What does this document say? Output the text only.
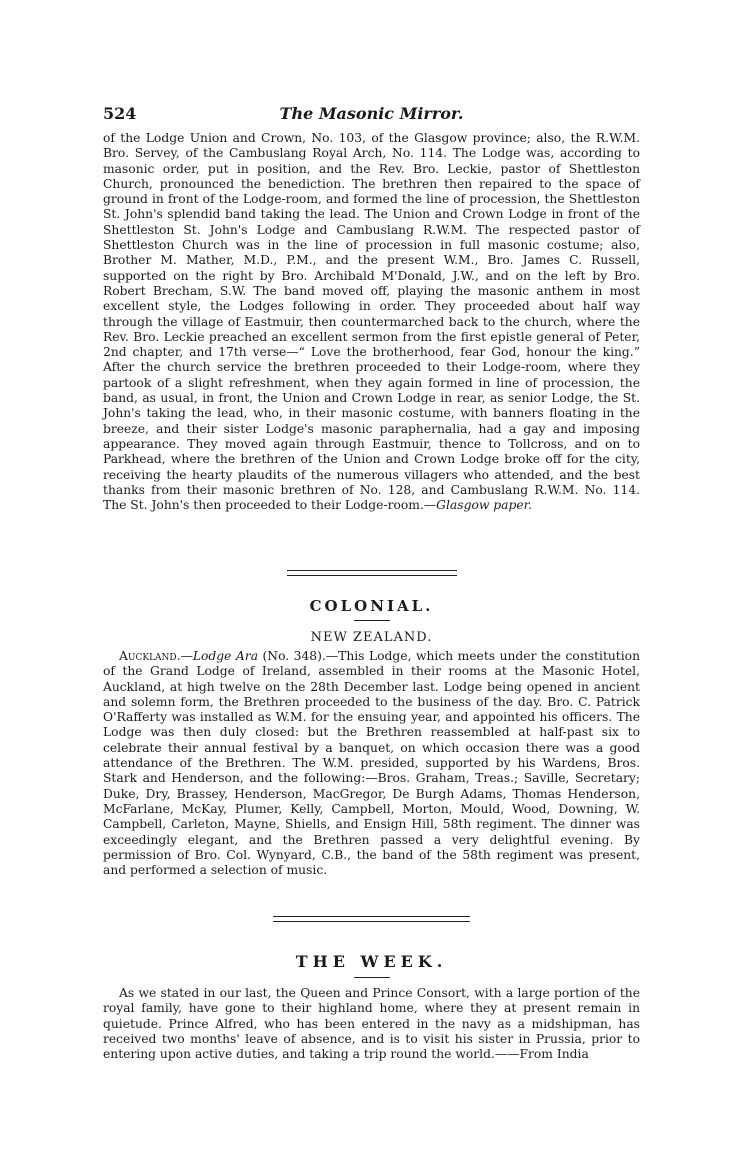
524	The Masonic Mirror.

of the Lodge Union and Crown, No. 103, of the Glasgow province; also, the R.W.M. Bro. Servey, of the Cambuslang Royal Arch, No. 114. The Lodge was, according to masonic order, put in position, and the Rev. Bro. Leckie, pastor of Shettleston Church, pronounced the benediction. The brethren then repaired to the space of ground in front of the Lodge-room, and formed the line of procession, the Shettleston St. John's splendid band taking the lead. The Union and Crown Lodge in front of the Shettleston St. John's Lodge and Cambuslang R.W.M. The respected pastor of Shettleston Church was in the line of procession in full masonic costume; also, Brother M. Mather, M.D., P.M., and the present W.M., Bro. James C. Russell, supported on the right by Bro. Archibald M'Donald, J.W., and on the left by Bro. Robert Brecham, S.W. The band moved off, playing the masonic anthem in most excellent style, the Lodges following in order. They proceeded about half way through the village of Eastmuir, then countermarched back to the church, where the Rev. Bro. Leckie preached an excellent sermon from the first epistle general of Peter, 2nd chapter, and 17th verse—“ Love the brotherhood, fear God, honour the king.” After the church service the brethren proceeded to their Lodge-room, where they partook of a slight refreshment, when they again formed in line of procession, the band, as usual, in front, the Union and Crown Lodge in rear, as senior Lodge, the St. John's taking the lead, who, in their masonic costume, with banners floating in the breeze, and their sister Lodge's masonic paraphernalia, had a gay and imposing appearance. They moved again through Eastmuir, thence to Tollcross, and on to Parkhead, where the brethren of the Union and Crown Lodge broke off for the city, receiving the hearty plaudits of the numerous villagers who attended, and the best thanks from their masonic brethren of No. 128, and Cambuslang R.W.M. No. 114. The St. John's then proceeded to their Lodge-room.—Glasgow paper.

COLONIAL.
NEW ZEALAND.

Auckland.—Lodge Ara (No. 348).—This Lodge, which meets under the constitution of the Grand Lodge of Ireland, assembled in their rooms at the Masonic Hotel, Auckland, at high twelve on the 28th December last. Lodge being opened in ancient and solemn form, the Brethren proceeded to the business of the day. Bro. C. Patrick O'Rafferty was installed as W.M. for the ensuing year, and appointed his officers. The Lodge was then duly closed: but the Brethren reassembled at half-past six to celebrate their annual festival by a banquet, on which occasion there was a good attendance of the Brethren. The W.M. presided, supported by his Wardens, Bros. Stark and Henderson, and the following:—Bros. Graham, Treas.; Saville, Secretary; Duke, Dry, Brassey, Henderson, MacGregor, De Burgh Adams, Thomas Henderson, McFarlane, McKay, Plumer, Kelly, Campbell, Morton, Mould, Wood, Downing, W. Campbell, Carleton, Mayne, Shiells, and Ensign Hill, 58th regiment. The dinner was exceedingly elegant, and the Brethren passed a very delightful evening. By permission of Bro. Col. Wynyard, C.B., the band of the 58th regiment was present, and performed a selection of music.

THE WEEK.

As we stated in our last, the Queen and Prince Consort, with a large portion of the royal family, have gone to their highland home, where they at present remain in quietude. Prince Alfred, who has been entered in the navy as a midshipman, has received two months' leave of absence, and is to visit his sister in Prussia, prior to entering upon active duties, and taking a trip round the world.——From India
